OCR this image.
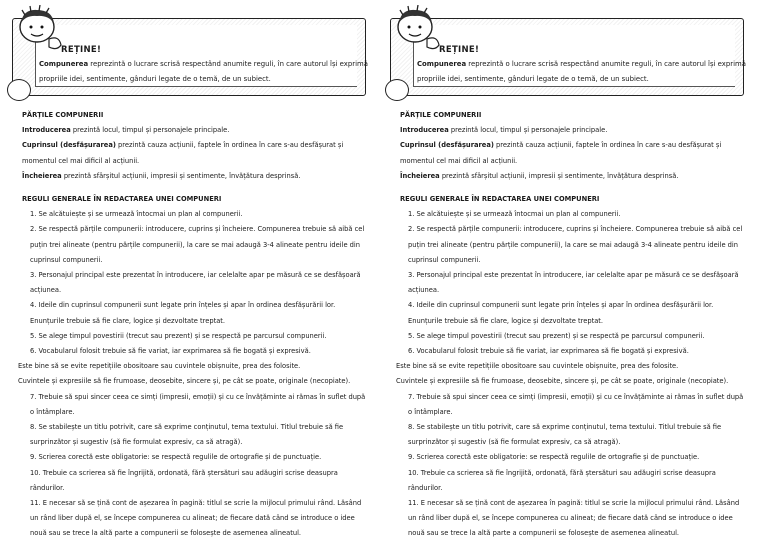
REȚINE!
Compunerea reprezintă o lucrare scrisă respectând anumite reguli, în care autorul își exprimă propriile idei, sentimente, gânduri legate de o temă, de un subiect.

PĂRȚILE COMPUNERII

Introducerea prezintă locul, timpul și personajele principale.

Cuprinsul (desfășurarea) prezintă cauza acțiunii, faptele în ordinea în care s-au desfășurat și momentul cel mai dificil al acțiunii.

Încheierea prezintă sfârșitul acțiunii, impresii și sentimente, învățătura desprinsă.

REGULI GENERALE ÎN REDACTAREA UNEI COMPUNERI

1. Se alcătuiește și se urmează întocmai un plan al compunerii.

2. Se respectă părțile compunerii: introducere, cuprins și încheiere. Compunerea trebuie să aibă cel puțin trei alineate (pentru părțile compunerii), la care se mai adaugă 3-4 alineate pentru ideile din cuprinsul compunerii.

3. Personajul principal este prezentat în introducere, iar celelalte apar pe măsură ce se desfășoară acțiunea.

4. Ideile din cuprinsul compunerii sunt legate prin înțeles și apar în ordinea desfășurării lor. Enunțurile trebuie să fie clare, logice și dezvoltate treptat.

5. Se alege timpul povestirii (trecut sau prezent) și se respectă pe parcursul compunerii.

6. Vocabularul folosit trebuie să fie variat, iar exprimarea să fie bogată și expresivă.

Este bine să se evite repetițiile obositoare sau cuvintele obișnuite, prea des folosite.

Cuvintele și expresiile să fie frumoase, deosebite, sincere și, pe cât se poate, originale (necopiate).

7. Trebuie să spui sincer ceea ce simți (impresii, emoții) și cu ce învățăminte ai rămas în suflet după o întâmplare.

8. Se stabilește un titlu potrivit, care să exprime conținutul, tema textului. Titlul trebuie să fie surprinzător și sugestiv (să fie formulat expresiv, ca să atragă).

9. Scrierea corectă este obligatorie: se respectă regulile de ortografie și de punctuație.

10. Trebuie ca scrierea să fie îngrijită, ordonată, fără ștersături sau adăugiri scrise deasupra rândurilor.

11. E necesar să se țină cont de așezarea în pagină: titlul se scrie la mijlocul primului rând. Lăsând un rând liber după el, se începe compunerea cu alineat; de fiecare dată când se introduce o idee nouă sau se trece la altă parte a compunerii se folosește de asemenea alineatul.

REȚINE!
Compunerea reprezintă o lucrare scrisă respectând anumite reguli, în care autorul își exprimă propriile idei, sentimente, gânduri legate de o temă, de un subiect.

PĂRȚILE COMPUNERII

Introducerea prezintă locul, timpul și personajele principale.

Cuprinsul (desfășurarea) prezintă cauza acțiunii, faptele în ordinea în care s-au desfășurat și momentul cel mai dificil al acțiunii.

Încheierea prezintă sfârșitul acțiunii, impresii și sentimente, învățătura desprinsă.

REGULI GENERALE ÎN REDACTAREA UNEI COMPUNERI

1. Se alcătuiește și se urmează întocmai un plan al compunerii.

2. Se respectă părțile compunerii: introducere, cuprins și încheiere. Compunerea trebuie să aibă cel puțin trei alineate (pentru părțile compunerii), la care se mai adaugă 3-4 alineate pentru ideile din cuprinsul compunerii.

3. Personajul principal este prezentat în introducere, iar celelalte apar pe măsură ce se desfășoară acțiunea.

4. Ideile din cuprinsul compunerii sunt legate prin înțeles și apar în ordinea desfășurării lor. Enunțurile trebuie să fie clare, logice și dezvoltate treptat.

5. Se alege timpul povestirii (trecut sau prezent) și se respectă pe parcursul compunerii.

6. Vocabularul folosit trebuie să fie variat, iar exprimarea să fie bogată și expresivă.

Este bine să se evite repetițiile obositoare sau cuvintele obișnuite, prea des folosite.

Cuvintele și expresiile să fie frumoase, deosebite, sincere și, pe cât se poate, originale (necopiate).

7. Trebuie să spui sincer ceea ce simți (impresii, emoții) și cu ce învățăminte ai rămas în suflet după o întâmplare.

8. Se stabilește un titlu potrivit, care să exprime conținutul, tema textului. Titlul trebuie să fie surprinzător și sugestiv (să fie formulat expresiv, ca să atragă).

9. Scrierea corectă este obligatorie: se respectă regulile de ortografie și de punctuație.

10. Trebuie ca scrierea să fie îngrijită, ordonată, fără ștersături sau adăugiri scrise deasupra rândurilor.

11. E necesar să se țină cont de așezarea în pagină: titlul se scrie la mijlocul primului rând. Lăsând un rând liber după el, se începe compunerea cu alineat; de fiecare dată când se introduce o idee nouă sau se trece la altă parte a compunerii se folosește de asemenea alineatul.
